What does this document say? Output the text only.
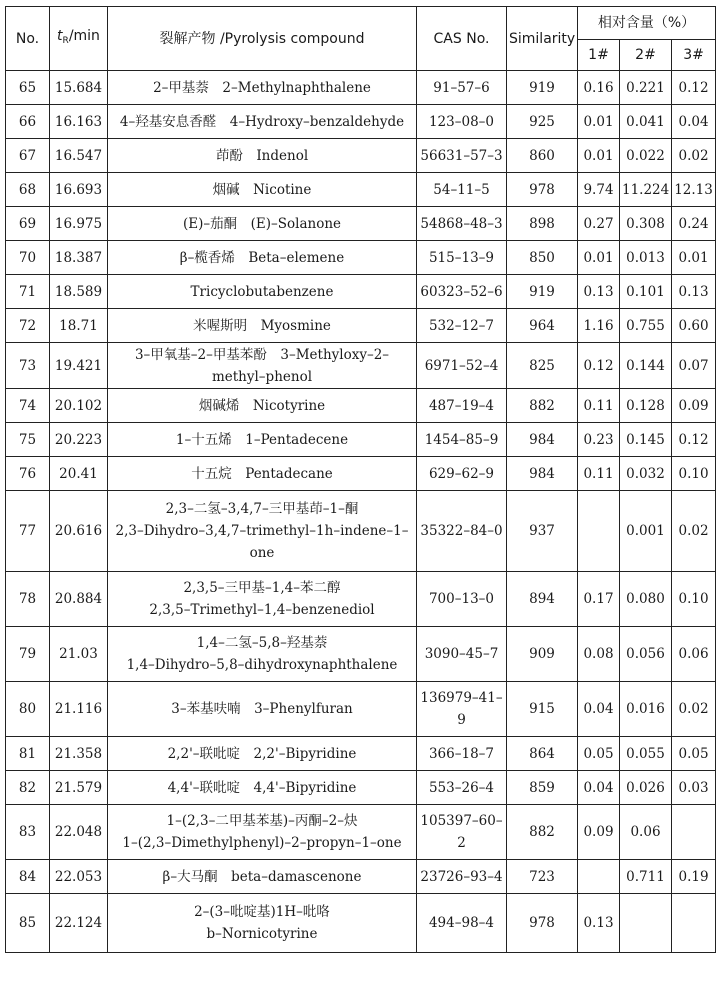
No.	$t_R/\min$	裂解产物 /Pyrolysis compound	CAS No.	Similarity	相对含量（%）		
					1#	2#	3#
65	15.684	2–甲基萘　2–Methylnaphthalene	91–57–6	919	0.16	0.221	0.12
66	16.163	4–羟基安息香醛　4–Hydroxy–benzaldehyde	123–08–0	925	0.01	0.041	0.04
67	16.547	茚酚　Indenol	56631–57–3	860	0.01	0.022	0.02
68	16.693	烟碱　Nicotine	54–11–5	978	9.74	11.224	12.13
69	16.975	(E)–茄酮　(E)–Solanone	54868–48–3	898	0.27	0.308	0.24
70	18.387	β–榄香烯　Beta–elemene	515–13–9	850	0.01	0.013	0.01
71	18.589	Tricyclobutabenzene	60323–52–6	919	0.13	0.101	0.13
72	18.71	米喔斯明　Myosmine	532–12–7	964	1.16	0.755	0.60
73	19.421	3–甲氧基–2–甲基苯酚　3–Methyloxy–2–
methyl–phenol	6971–52–4	825	0.12	0.144	0.07
74	20.102	烟碱烯　Nicotyrine	487–19–4	882	0.11	0.128	0.09
75	20.223	1–十五烯　1–Pentadecene	1454–85–9	984	0.23	0.145	0.12
76	20.41	十五烷　Pentadecane	629–62–9	984	0.11	0.032	0.10
77	20.616	2,3–二氢–3,4,7–三甲基茚–1–酮
2,3–Dihydro–3,4,7–trimethyl–1h–indene–1–
one	35322–84–0	937		0.001	0.02
78	20.884	2,3,5–三甲基–1,4–苯二醇
2,3,5–Trimethyl–1,4–benzenediol	700–13–0	894	0.17	0.080	0.10
79	21.03	1,4–二氢–5,8–羟基萘
1,4–Dihydro–5,8–dihydroxynaphthalene	3090–45–7	909	0.08	0.056	0.06
80	21.116	3–苯基呋喃　3–Phenylfuran	136979–41–
9	915	0.04	0.016	0.02
81	21.358	2,2'–联吡啶　2,2'–Bipyridine	366–18–7	864	0.05	0.055	0.05
82	21.579	4,4'–联吡啶　4,4'–Bipyridine	553–26–4	859	0.04	0.026	0.03
83	22.048	1–(2,3–二甲基苯基)–丙酮–2–炔
1–(2,3–Dimethylphenyl)–2–propyn–1–one	105397–60–
2	882	0.09	0.06	
84	22.053	β–大马酮　beta–damascenone	23726–93–4	723		0.711	0.19
85	22.124	2–(3–吡啶基)1H–吡咯
b–Nornicotyrine	494–98–4	978	0.13		
